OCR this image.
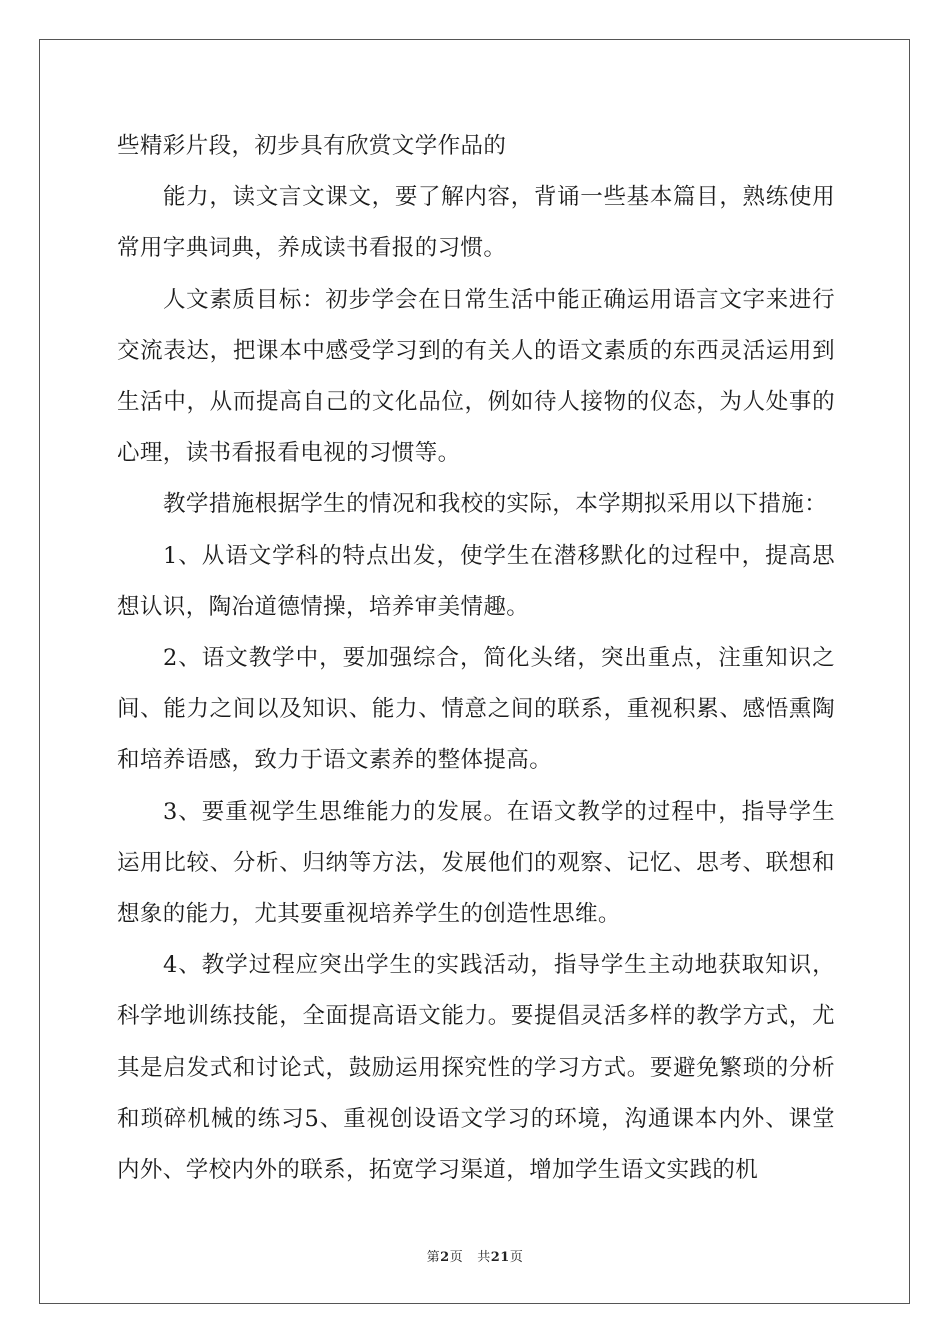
些精彩片段，初步具有欣赏文学作品的

能力，读文言文课文，要了解内容，背诵一些基本篇目，熟练使用常用字典词典，养成读书看报的习惯。

人文素质目标：初步学会在日常生活中能正确运用语言文字来进行交流表达，把课本中感受学习到的有关人的语文素质的东西灵活运用到生活中，从而提高自己的文化品位，例如待人接物的仪态，为人处事的心理，读书看报看电视的习惯等。

教学措施根据学生的情况和我校的实际，本学期拟采用以下措施：

1、从语文学科的特点出发，使学生在潜移默化的过程中，提高思想认识，陶冶道德情操，培养审美情趣。

2、语文教学中，要加强综合，简化头绪，突出重点，注重知识之间、能力之间以及知识、能力、情意之间的联系，重视积累、感悟熏陶和培养语感，致力于语文素养的整体提高。

3、要重视学生思维能力的发展。在语文教学的过程中，指导学生运用比较、分析、归纳等方法，发展他们的观察、记忆、思考、联想和想象的能力，尤其要重视培养学生的创造性思维。

4、教学过程应突出学生的实践活动，指导学生主动地获取知识，科学地训练技能，全面提高语文能力。要提倡灵活多样的教学方式，尤其是启发式和讨论式，鼓励运用探究性的学习方式。要避免繁琐的分析和琐碎机械的练习5、重视创设语文学习的环境，沟通课本内外、课堂内外、学校内外的联系，拓宽学习渠道，增加学生语文实践的机

第2页 共21页
